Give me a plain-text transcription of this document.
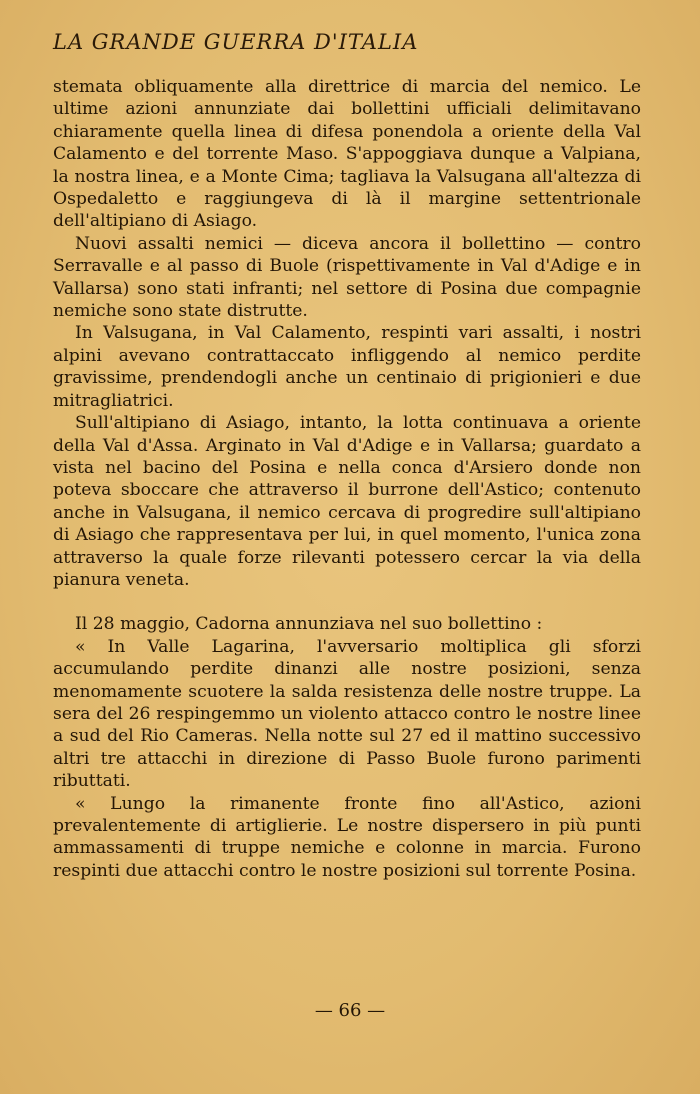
LA GRANDE GUERRA D'ITALIA

stemata obliquamente alla direttrice di marcia del nemico. Le ultime azioni annunziate dai bollettini ufficiali delimitavano chiaramente quella linea di difesa ponendola a oriente della Val Calamento e del torrente Maso. S'appoggiava dunque a Valpiana, la nostra linea, e a Monte Cima; tagliava la Valsugana all'altezza di Ospedaletto e raggiungeva di là il margine settentrionale dell'altipiano di Asiago.

Nuovi assalti nemici — diceva ancora il bollettino — contro Serravalle e al passo di Buole (rispettivamente in Val d'Adige e in Vallarsa) sono stati infranti; nel settore di Posina due compagnie nemiche sono state distrutte.

In Valsugana, in Val Calamento, respinti vari assalti, i nostri alpini avevano contrattaccato infliggendo al nemico perdite gravissime, prendendogli anche un centinaio di prigionieri e due mitragliatrici.

Sull'altipiano di Asiago, intanto, la lotta continuava a oriente della Val d'Assa. Arginato in Val d'Adige e in Vallarsa; guardato a vista nel bacino del Posina e nella conca d'Arsiero donde non poteva sboccare che attraverso il burrone dell'Astico; contenuto anche in Valsugana, il nemico cercava di progredire sull'altipiano di Asiago che rappresentava per lui, in quel momento, l'unica zona attraverso la quale forze rilevanti potessero cercar la via della pianura veneta.

Il 28 maggio, Cadorna annunziava nel suo bollettino :

« In Valle Lagarina, l'avversario moltiplica gli sforzi accumulando perdite dinanzi alle nostre posizioni, senza menomamente scuotere la salda resistenza delle nostre truppe. La sera del 26 respingemmo un violento attacco contro le nostre linee a sud del Rio Cameras. Nella notte sul 27 ed il mattino successivo altri tre attacchi in direzione di Passo Buole furono parimenti ributtati.

« Lungo la rimanente fronte fino all'Astico, azioni prevalentemente di artiglierie. Le nostre dispersero in più punti ammassamenti di truppe nemiche e colonne in marcia. Furono respinti due attacchi contro le nostre posizioni sul torrente Posina.

— 66 —
